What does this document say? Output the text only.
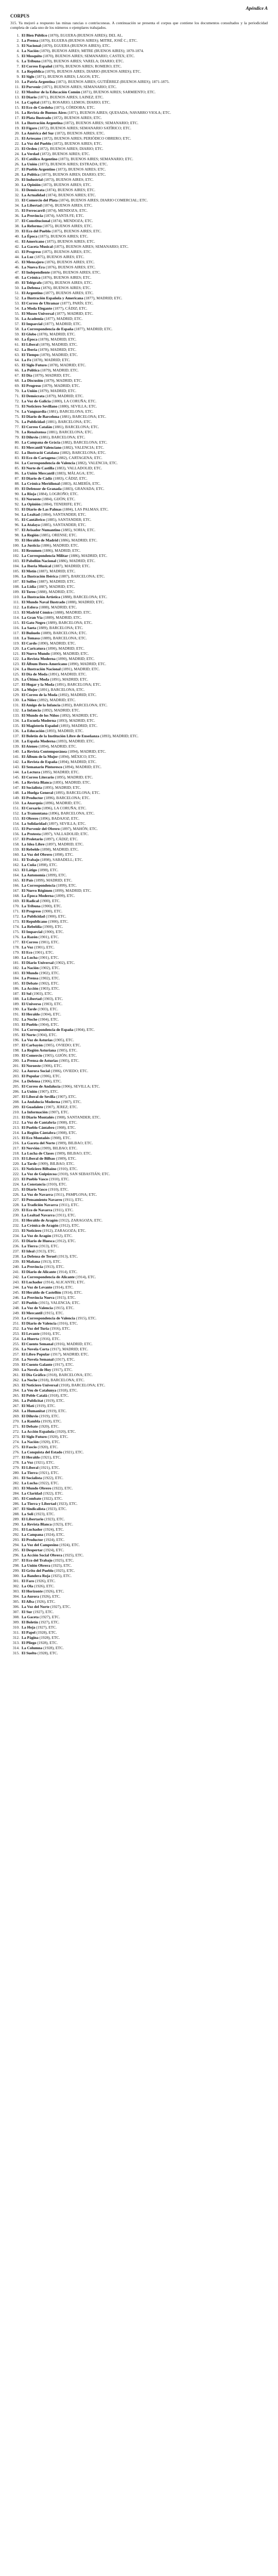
Apéndice A
CORPUS
315. Ya mejoró a respuesto las minas rancias o contrisconeas. A continuación se presenta el corpus que contiene los documentos consultados y la periodicidad completa de cada uno de los números o ejemplares trabajados.
1. El Bien Público (1870), EGUERA (BUENOS AIRES); DEL AL.
2. La Prensa (1870), EGUERA (BUENOS AIRES); MITRE, JOSÉ C.; ETC.
3. El Nacional (1870), EGUERA (BUENOS AIRES); ETC.
4. La Nación (1870), BUENOS AIRES; MITRE (BUENOS AIRES); 1870-1874.
5. El Mosquito (1870), BUENOS AIRES; SEMANARIO; CASTEX; ETC.
6. La Tribuna (1870), BUENOS AIRES; VARELA; DIARIO; ETC.
7. El Correo Español (1870), BUENOS AIRES; ROMERO; ETC.
8. La República (1870), BUENOS AIRES; DIARIO (BUENOS AIRES); ETC.
9. El Siglo (1871), BUENOS AIRES; LAGOS; ETC.
10. La Patria Argentina (1871), BUENOS AIRES; GUTIÉRREZ (BUENOS AIRES); 1871-1875.
11. El Porvenir (1871), BUENOS AIRES; SEMANARIO; ETC.
12. El Monitor de la Educación Común (1871), BUENOS AIRES; SARMIENTO; ETC.
13. El Diario (1871), BUENOS AIRES; LAINEZ; ETC.
14. La Capital (1871), ROSARIO; LEMOS; DIARIO; ETC.
15. El Eco de Córdoba (1871), CÓRDOBA; ETC.
16. La Revista de Buenos Aires (1871), BUENOS AIRES; QUESADA; NAVARRO VIOLA; ETC.
17. El Plata Ilustrado (1872), BUENOS AIRES; ETC.
18. La Ilustración Argentina (1872), BUENOS AIRES; SEMANARIO; ETC.
19. El Fígaro (1872), BUENOS AIRES; SEMANARIO SATÍRICO; ETC.
20. La América del Sur (1872), BUENOS AIRES; ETC.
21. El Artesano (1872), BUENOS AIRES; PERIÓDICO OBRERO; ETC.
22. La Voz del Pueblo (1872), BUENOS AIRES; ETC.
23. El Orden (1872), BUENOS AIRES; DIARIO; ETC.
24. La Verdad (1872), BUENOS AIRES; ETC.
25. El Católico Argentino (1873), BUENOS AIRES; SEMANARIO; ETC.
26. La Unión (1873), BUENOS AIRES; ESTRADA; ETC.
27. El Pueblo Argentino (1873), BUENOS AIRES; ETC.
28. La Política (1873), BUENOS AIRES; DIARIO; ETC.
29. El Industrial (1873), BUENOS AIRES; ETC.
30. La Opinión (1873), BUENOS AIRES; ETC.
31. El Demócrata (1874), BUENOS AIRES; ETC.
32. La Actualidad (1874), BUENOS AIRES; ETC.
33. El Comercio del Plata (1874), BUENOS AIRES; DIARIO COMERCIAL; ETC.
34. La Libertad (1874), BUENOS AIRES; ETC.
35. El Ferrocarril (1874), MENDOZA; ETC.
36. La Provincia (1874), SANTA FE; ETC.
37. El Constitucional (1874), MENDOZA; ETC.
38. La Reforma (1875), BUENOS AIRES; ETC.
39. El Eco del Pueblo (1875), BUENOS AIRES; ETC.
40. La Época (1875), BUENOS AIRES; ETC.
41. El Americano (1875), BUENOS AIRES; ETC.
42. La Gaceta Musical (1875), BUENOS AIRES; SEMANARIO; ETC.
43. El Progreso (1875), BUENOS AIRES; ETC.
44. La Luz (1875), BUENOS AIRES; ETC.
45. El Mensajero (1876), BUENOS AIRES; ETC.
46. La Nueva Era (1876), BUENOS AIRES; ETC.
47. El Independiente (1876), BUENOS AIRES; ETC.
48. La Crónica (1876), BUENOS AIRES; ETC.
49. El Telégrafo (1876), BUENOS AIRES; ETC.
50. La Defensa (1876), BUENOS AIRES; ETC.
51. El Argentino (1877), BUENOS AIRES; ETC.
52. La Ilustración Española y Americana (1877), MADRID; ETC.
53. El Correo de Ultramar (1877), PARÍS; ETC.
54. La Moda Elegante (1877), CÁDIZ; ETC.
55. El Museo Universal (1877), MADRID; ETC.
56. La Academia (1877), MADRID; ETC.
57. El Imparcial (1877), MADRID; ETC.
58. La Correspondencia de España (1877), MADRID; ETC.
59. El Globo (1878), MADRID; ETC.
60. La Época (1878), MADRID; ETC.
61. El Liberal (1878), MADRID; ETC.
62. La Iberia (1878), MADRID; ETC.
63. El Tiempo (1878), MADRID; ETC.
64. La Fe (1878), MADRID; ETC.
65. El Siglo Futuro (1878), MADRID; ETC.
66. La Política (1879), MADRID; ETC.
67. El Día (1879), MADRID; ETC.
68. La Discusión (1879), MADRID; ETC.
69. El Progreso (1879), MADRID; ETC.
70. La Unión (1879), MADRID; ETC.
71. El Demócrata (1879), MADRID; ETC.
72. La Voz de Galicia (1880), LA CORUÑA; ETC.
73. El Noticiero Sevillano (1880), SEVILLA; ETC.
74. La Vanguardia (1881), BARCELONA; ETC.
75. El Diario de Barcelona (1881), BARCELONA; ETC.
76. La Publicidad (1881), BARCELONA; ETC.
77. El Correo Catalán (1881), BARCELONA; ETC.
78. La Renaixensa (1881), BARCELONA; ETC.
79. El Diluvio (1881), BARCELONA; ETC.
80. La Campana de Gràcia (1882), BARCELONA; ETC.
81. El Mercantil Valenciano (1882), VALENCIA; ETC.
82. La Ilustració Catalana (1882), BARCELONA; ETC.
83. El Eco de Cartagena (1882), CARTAGENA; ETC.
84. La Correspondencia de Valencia (1882), VALENCIA; ETC.
85. El Norte de Castilla (1883), VALLADOLID; ETC.
86. La Unión Mercantil (1883), MÁLAGA; ETC.
87. El Diario de Cádiz (1883), CÁDIZ; ETC.
88. La Crónica Meridional (1883), ALMERÍA; ETC.
89. El Defensor de Granada (1883), GRANADA; ETC.
90. La Rioja (1884), LOGROÑO; ETC.
91. El Noroeste (1884), GIJÓN; ETC.
92. La Opinión (1884), TENERIFE; ETC.
93. El Diario de Las Palmas (1884), LAS PALMAS; ETC.
94. La Lealtad (1884), SANTANDER; ETC.
95. El Cantábrico (1885), SANTANDER; ETC.
96. La Atalaya (1885), SANTANDER; ETC.
97. El Avisador Numantino (1885), SORIA; ETC.
98. La Región (1885), ORENSE; ETC.
99. El Heraldo de Madrid (1886), MADRID; ETC.
100. La Justicia (1886), MADRID; ETC.
101. El Resumen (1886), MADRID; ETC.
102. La Correspondencia Militar (1886), MADRID; ETC.
103. El Pabellón Nacional (1886), MADRID; ETC.
104. La Iberia Musical (1887), MADRID; ETC.
105. El Motín (1887), MADRID; ETC.
106. La Ilustración Ibérica (1887), BARCELONA; ETC.
107. El Solfeo (1887), MADRID; ETC.
108. La Lidia (1887), MADRID; ETC.
109. El Toreo (1888), MADRID; ETC.
110. La Ilustración Artística (1888), BARCELONA; ETC.
111. El Mundo Naval Ilustrado (1888), MADRID; ETC.
112. La Esfera (1888), MADRID; ETC.
113. El Madrid Cómico (1888), MADRID; ETC.
114. La Gran Vía (1889), MADRID; ETC.
115. El Gato Negro (1889), BARCELONA; ETC.
116. La Saeta (1889), BARCELONA; ETC.
117. El Buñuelo (1889), BARCELONA; ETC.
118. La Tomasa (1889), BARCELONA; ETC.
119. El Cardo (1890), MADRID; ETC.
120. La Caricatura (1890), MADRID; ETC.
121. El Nuevo Mundo (1890), MADRID; ETC.
122. La Revista Moderna (1890), MADRID; ETC.
123. El Álbum Ibero-Americano (1890), MADRID; ETC.
124. La Ilustración Nacional (1891), MADRID; ETC.
125. El Día de Moda (1891), MADRID; ETC.
126. La Última Moda (1891), MADRID; ETC.
127. El Hogar y la Moda (1891), BARCELONA; ETC.
128. La Mujer (1891), BARCELONA; ETC.
129. El Correo de la Moda (1892), MADRID; ETC.
130. La Niñez (1892), MADRID; ETC.
131. El Amigo de la Infancia (1892), BARCELONA; ETC.
132. La Infancia (1892), MADRID; ETC.
133. El Mundo de los Niños (1892), MADRID; ETC.
134. La Escuela Moderna (1893), MADRID; ETC.
135. El Magisterio Español (1893), MADRID; ETC.
136. La Educación (1893), MADRID; ETC.
137. El Boletín de la Institución Libre de Enseñanza (1893), MADRID; ETC.
138. La España Moderna (1893), MADRID; ETC.
139. El Ateneo (1894), MADRID; ETC.
140. La Revista Contemporánea (1894), MADRID; ETC.
141. El Álbum de la Mujer (1894), MÉXICO; ETC.
142. La Revista de España (1894), MADRID; ETC.
143. El Semanario Pintoresco (1894), MADRID; ETC.
144. La Lectura (1895), MADRID; ETC.
145. El Correo Literario (1895), MADRID; ETC.
146. La Revista Blanca (1895), MADRID; ETC.
147. El Socialista (1895), MADRID; ETC.
148. La Huelga General (1895), BARCELONA; ETC.
149. El Productor (1896), BARCELONA; ETC.
150. La Anarquía (1896), MADRID; ETC.
151. El Corsario (1896), LA CORUÑA; ETC.
152. La Tramontana (1896), BARCELONA; ETC.
153. El Obrero (1896), BADAJOZ; ETC.
154. La Solidaridad (1897), SEVILLA; ETC.
155. El Porvenir del Obrero (1897), MAHÓN; ETC.
156. La Protesta (1897), VALLADOLID; ETC.
157. El Proletario (1897), CÁDIZ; ETC.
158. La Idea Libre (1897), MADRID; ETC.
159. El Rebelde (1898), MADRID; ETC.
160. La Voz del Obrero (1898), ETC.
161. El Trabajo (1898), SABADELL; ETC.
162. La Cuña (1898), ETC.
163. El Látigo (1898), ETC.
164. La Autonomía (1899), ETC.
165. El País (1899), MADRID; ETC.
166. La Correspondencia (1899), ETC.
167. El Nuevo Régimen (1899), MADRID; ETC.
168. La Época Moderna (1899), ETC.
169. El Radical (1900), ETC.
170. La Tribuna (1900), ETC.
171. El Progreso (1900), ETC.
172. La Publicidad (1900), ETC.
173. El Republicano (1900), ETC.
174. La Rebeldía (1900), ETC.
175. El Imparcial (1900), ETC.
176. La Razón (1901), ETC.
177. El Correo (1901), ETC.
178. La Voz (1901), ETC.
179. El Eco (1901), ETC.
180. La Lucha (1901), ETC.
181. El Diario Universal (1902), ETC.
182. La Nación (1902), ETC.
183. El Mundo (1902), ETC.
184. La Prensa (1902), ETC.
185. El Debate (1902), ETC.
186. La Acción (1903), ETC.
187. El Sol (1903), ETC.
188. La Libertad (1903), ETC.
189. El Universo (1903), ETC.
190. La Tarde (1903), ETC.
191. El Heraldo (1904), ETC.
192. La Noche (1904), ETC.
193. El Pueblo (1904), ETC.
194. La Correspondencia de España (1904), ETC.
195. El Norte (1904), ETC.
196. La Voz de Asturias (1905), ETC.
197. El Carbayón (1905), OVIEDO; ETC.
198. La Región Asturiana (1905), ETC.
199. El Comercio (1905), GIJÓN; ETC.
200. La Prensa de Asturias (1905), ETC.
201. El Noroeste (1906), ETC.
202. La Aurora Social (1906), OVIEDO; ETC.
203. El Popular (1906), ETC.
204. La Defensa (1906), ETC.
205. El Correo de Andalucía (1906), SEVILLA; ETC.
206. La Unión (1907), ETC.
207. El Liberal de Sevilla (1907), ETC.
208. La Andalucía Moderna (1907), ETC.
209. El Guadalete (1907), JEREZ; ETC.
210. La Información (1907), ETC.
211. El Diario Montañés (1908), SANTANDER; ETC.
212. La Voz de Cantabria (1908), ETC.
213. El Pueblo Cántabro (1908), ETC.
214. La Región Cántabra (1908), ETC.
215. El Eco Montañés (1908), ETC.
216. La Gaceta del Norte (1909), BILBAO; ETC.
217. El Nervión (1909), BILBAO; ETC.
218. La Lucha de Clases (1909), BILBAO; ETC.
219. El Liberal de Bilbao (1909), ETC.
220. La Tarde (1909), BILBAO; ETC.
221. El Noticiero Bilbaíno (1910), ETC.
222. La Voz de Guipúzcoa (1910), SAN SEBASTIÁN; ETC.
223. El Pueblo Vasco (1910), ETC.
224. La Constancia (1910), ETC.
225. El Diario Vasco (1910), ETC.
226. La Voz de Navarra (1911), PAMPLONA; ETC.
227. El Pensamiento Navarro (1911), ETC.
228. La Tradición Navarra (1911), ETC.
229. El Eco de Navarra (1911), ETC.
230. La Lealtad Navarra (1911), ETC.
231. El Heraldo de Aragón (1912), ZARAGOZA; ETC.
232. La Crónica de Aragón (1912), ETC.
233. El Noticiero (1912), ZARAGOZA; ETC.
234. La Voz de Aragón (1912), ETC.
235. El Diario de Huesca (1912), ETC.
236. La Tierra (1913), ETC.
237. El Ideal (1913), ETC.
238. La Defensa de Teruel (1913), ETC.
239. El Mañana (1913), ETC.
240. La Provincia (1913), ETC.
241. El Diario de Alicante (1914), ETC.
242. La Correspondencia de Alicante (1914), ETC.
243. El Luchador (1914), ALICANTE; ETC.
244. La Voz de Levante (1914), ETC.
245. El Heraldo de Castellón (1914), ETC.
246. La Provincia Nueva (1915), ETC.
247. El Pueblo (1915), VALENCIA; ETC.
248. La Voz de Valencia (1915), ETC.
249. El Mercantil (1915), ETC.
250. La Correspondencia de Valencia (1915), ETC.
251. El Diario de Valencia (1916), ETC.
252. La Voz del Turia (1916), ETC.
253. El Levante (1916), ETC.
254. La Huerta (1916), ETC.
255. El Cuento Semanal (1916), MADRID; ETC.
256. La Novela Corta (1917), MADRID; ETC.
257. El Libro Popular (1917), MADRID; ETC.
258. La Novela Semanal (1917), ETC.
259. El Cuento Galante (1917), ETC.
260. La Novela de Hoy (1917), ETC.
261. El Día Gráfico (1918), BARCELONA; ETC.
262. La Noche (1918), BARCELONA; ETC.
263. El Noticiero Universal (1918), BARCELONA; ETC.
264. La Veu de Catalunya (1918), ETC.
265. El Poble Català (1918), ETC.
266. La Publicitat (1919), ETC.
267. El Matí (1919), ETC.
268. La Humanitat (1919), ETC.
269. El Diluvio (1919), ETC.
270. La Rambla (1919), ETC.
271. El Debate (1920), ETC.
272. La Acción Española (1920), ETC.
273. El Siglo Futuro (1920), ETC.
274. La Nación (1920), ETC.
275. El Fascio (1920), ETC.
276. La Conquista del Estado (1921), ETC.
277. El Heraldo (1921), ETC.
278. La Voz (1921), ETC.
279. El Liberal (1921), ETC.
280. La Tierra (1921), ETC.
281. El Socialista (1922), ETC.
282. La Lucha (1922), ETC.
283. El Mundo Obrero (1922), ETC.
284. La Claridad (1922), ETC.
285. El Combate (1922), ETC.
286. La Tierra y Libertad (1923), ETC.
287. El Sindicalista (1923), ETC.
288. La Soli (1923), ETC.
289. El Libertario (1923), ETC.
290. La Revista Blanca (1923), ETC.
291. El Luchador (1924), ETC.
292. La Campana (1924), ETC.
293. El Productor (1924), ETC.
294. La Voz del Campesino (1924), ETC.
295. El Despertar (1924), ETC.
296. La Acción Social Obrera (1925), ETC.
297. El Eco del Trabajo (1925), ETC.
298. La Unión Obrera (1925), ETC.
299. El Grito del Pueblo (1925), ETC.
300. La Bandera Roja (1925), ETC.
301. El Faro (1926), ETC.
302. La Ola (1926), ETC.
303. El Horizonte (1926), ETC.
304. La Aurora (1926), ETC.
305. El Alba (1926), ETC.
306. La Voz del Norte (1927), ETC.
307. El Sur (1927), ETC.
308. La Gaceta (1927), ETC.
309. El Boletín (1927), ETC.
310. La Hoja (1927), ETC.
311. El Papel (1928), ETC.
312. La Página (1928), ETC.
313. El Pliego (1928), ETC.
314. La Columna (1928), ETC.
315. El Suelto (1928), ETC.
